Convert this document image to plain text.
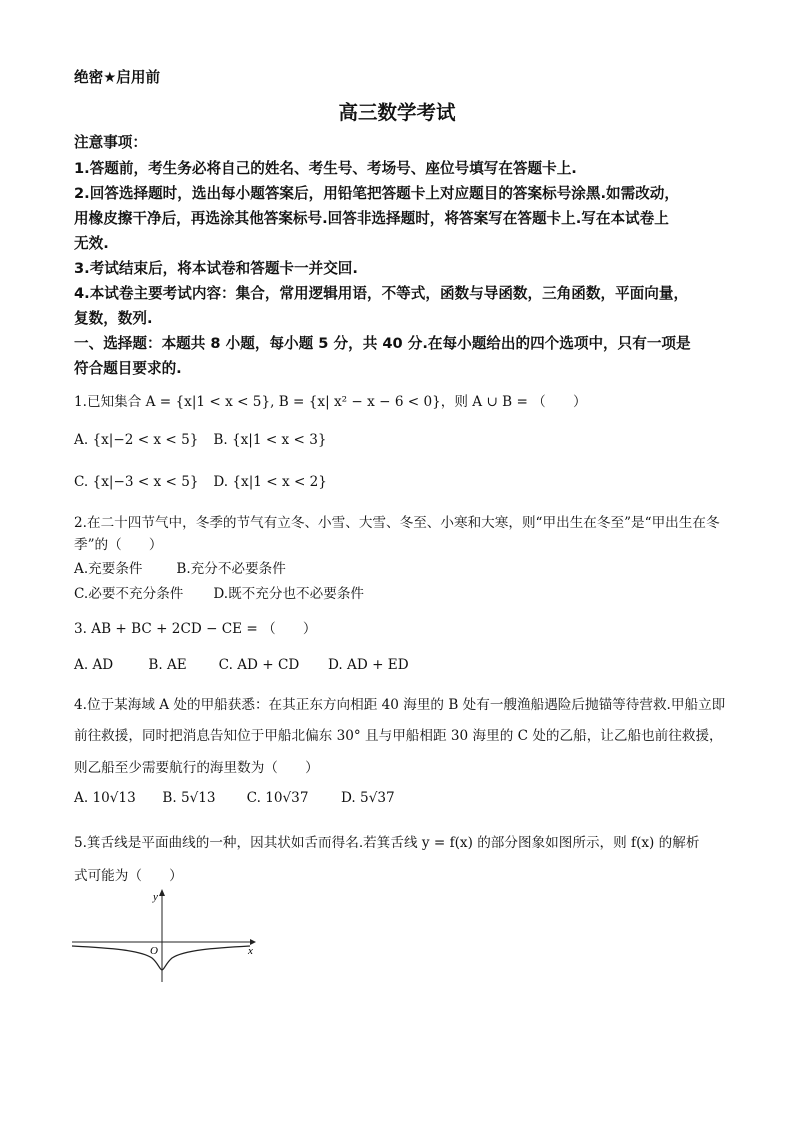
绝密★启用前
高三数学考试
注意事项：
1.答题前，考生务必将自己的姓名、考生号、考场号、座位号填写在答题卡上.
2.回答选择题时，选出每小题答案后，用铅笔把答题卡上对应题目的答案标号涂黑.如需改动，
用橡皮擦干净后，再选涂其他答案标号.回答非选择题时，将答案写在答题卡上.写在本试卷上
无效.
3.考试结束后，将本试卷和答题卡一并交回.
4.本试卷主要考试内容：集合，常用逻辑用语，不等式，函数与导函数，三角函数，平面向量，
复数，数列.
一、选择题：本题共 8 小题，每小题 5 分，共 40 分.在每小题给出的四个选项中，只有一项是
符合题目要求的.
1.已知集合 A = {x|1 < x < 5}, B = {x| x² − x − 6 < 0}，则 A ∪ B = （　　）
A. {x|−2 < x < 5} B. {x|1 < x < 3}
C. {x|−3 < x < 5} D. {x|1 < x < 2}
2.在二十四节气中，冬季的节气有立冬、小雪、大雪、冬至、小寒和大寒，则“甲出生在冬至”是“甲出生在冬
季”的（　　）
A.充要条件 B.充分不必要条件
C.必要不充分条件 D.既不充分也不必要条件
3. AB + BC + 2CD − CE = （　　）
A. AD	B. AE C. AD + CD D. AD + ED
4.位于某海域 A 处的甲船获悉：在其正东方向相距 40 海里的 B 处有一艘渔船遇险后抛锚等待营救.甲船立即
前往救援，同时把消息告知位于甲船北偏东 30° 且与甲船相距 30 海里的 C 处的乙船，让乙船也前往救援，
则乙船至少需要航行的海里数为（　　）
A. 10√13 B. 5√13 C. 10√37 D. 5√37
5.箕舌线是平面曲线的一种，因其状如舌而得名.若箕舌线 y = f(x) 的部分图象如图所示，则 f(x) 的解析
式可能为（　　）
y
x
O
